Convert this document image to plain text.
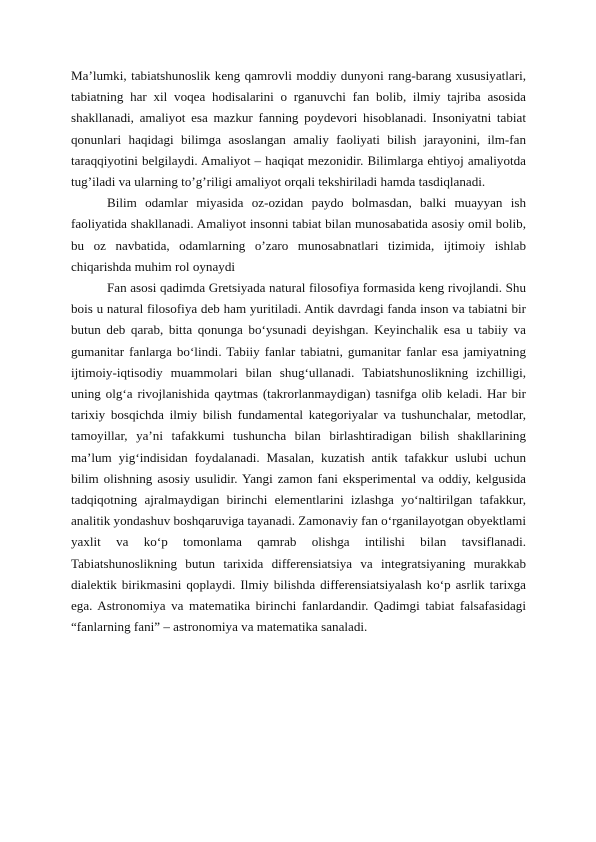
Ma’lumki, tabiatshunoslik keng qamrovli moddiy dunyoni rang-barang xususiyatlari, tabiatning har xil voqea hodisalarini o rganuvchi fan bolib, ilmiy tajriba asosida shakllanadi, amaliyot esa mazkur fanning poydevori hisoblanadi. Insoniyatni tabiat qonunlari haqidagi bilimga asoslangan amaliy faoliyati bilish jarayonini, ilm-fan taraqqiyotini belgilaydi. Amaliyot – haqiqat mezonidir. Bilimlarga ehtiyoj amaliyotda tug’iladi va ularning to’g’riligi amaliyot orqali tekshiriladi hamda tasdiqlanadi.

Bilim odamlar miyasida oz-ozidan paydo bolmasdan, balki muayyan ish faoliyatida shakllanadi. Amaliyot insonni tabiat bilan munosabatida asosiy omil bolib, bu oz navbatida, odamlarning o’zaro munosabnatlari tizimida, ijtimoiy ishlab chiqarishda muhim rol oynaydi

Fan asosi qadimda Gretsiyada natural filosofiya formasida keng rivojlandi. Shu bois u natural filosofiya deb ham yuritiladi. Antik davrdagi fanda inson va tabiatni bir butun deb qarab, bitta qonunga bo‘ysunadi deyishgan. Keyinchalik esa u tabiiy va gumanitar fanlarga bo‘lindi. Tabiiy fanlar tabiatni, gumanitar fanlar esa jamiyatning ijtimoiy-iqtisodiy muammolari bilan shug‘ullanadi. Tabiatshunoslikning izchilligi, uning olg‘a rivojlanishida qaytmas (takrorlanmaydigan) tasnifga olib keladi. Har bir tarixiy bosqichda ilmiy bilish fundamental kategoriyalar va tushunchalar, metodlar, tamoyillar, ya’ni tafakkumi tushuncha bilan birlashtiradigan bilish shakllarining ma’lum yig‘indisidan foydalanadi. Masalan, kuzatish antik tafakkur uslubi uchun bilim olishning asosiy usulidir. Yangi zamon fani eksperimental va oddiy, kelgusida tadqiqotning ajralmaydigan birinchi elementlarini izlashga yo‘naltirilgan tafakkur, analitik yondashuv boshqaruviga tayanadi. Zamonaviy fan o‘rganilayotgan obyektlami yaxlit va ko‘p tomonlama qamrab olishga intilishi bilan tavsiflanadi. Tabiatshunoslikning butun tarixida differensiatsiya va integratsiyaning murakkab dialektik birikmasini qoplaydi. Ilmiy bilishda differensiatsiyalash ko‘p asrlik tarixga ega. Astronomiya va matematika birinchi fanlardandir. Qadimgi tabiat falsafasidagi “fanlarning fani” – astronomiya va matematika sanaladi.
